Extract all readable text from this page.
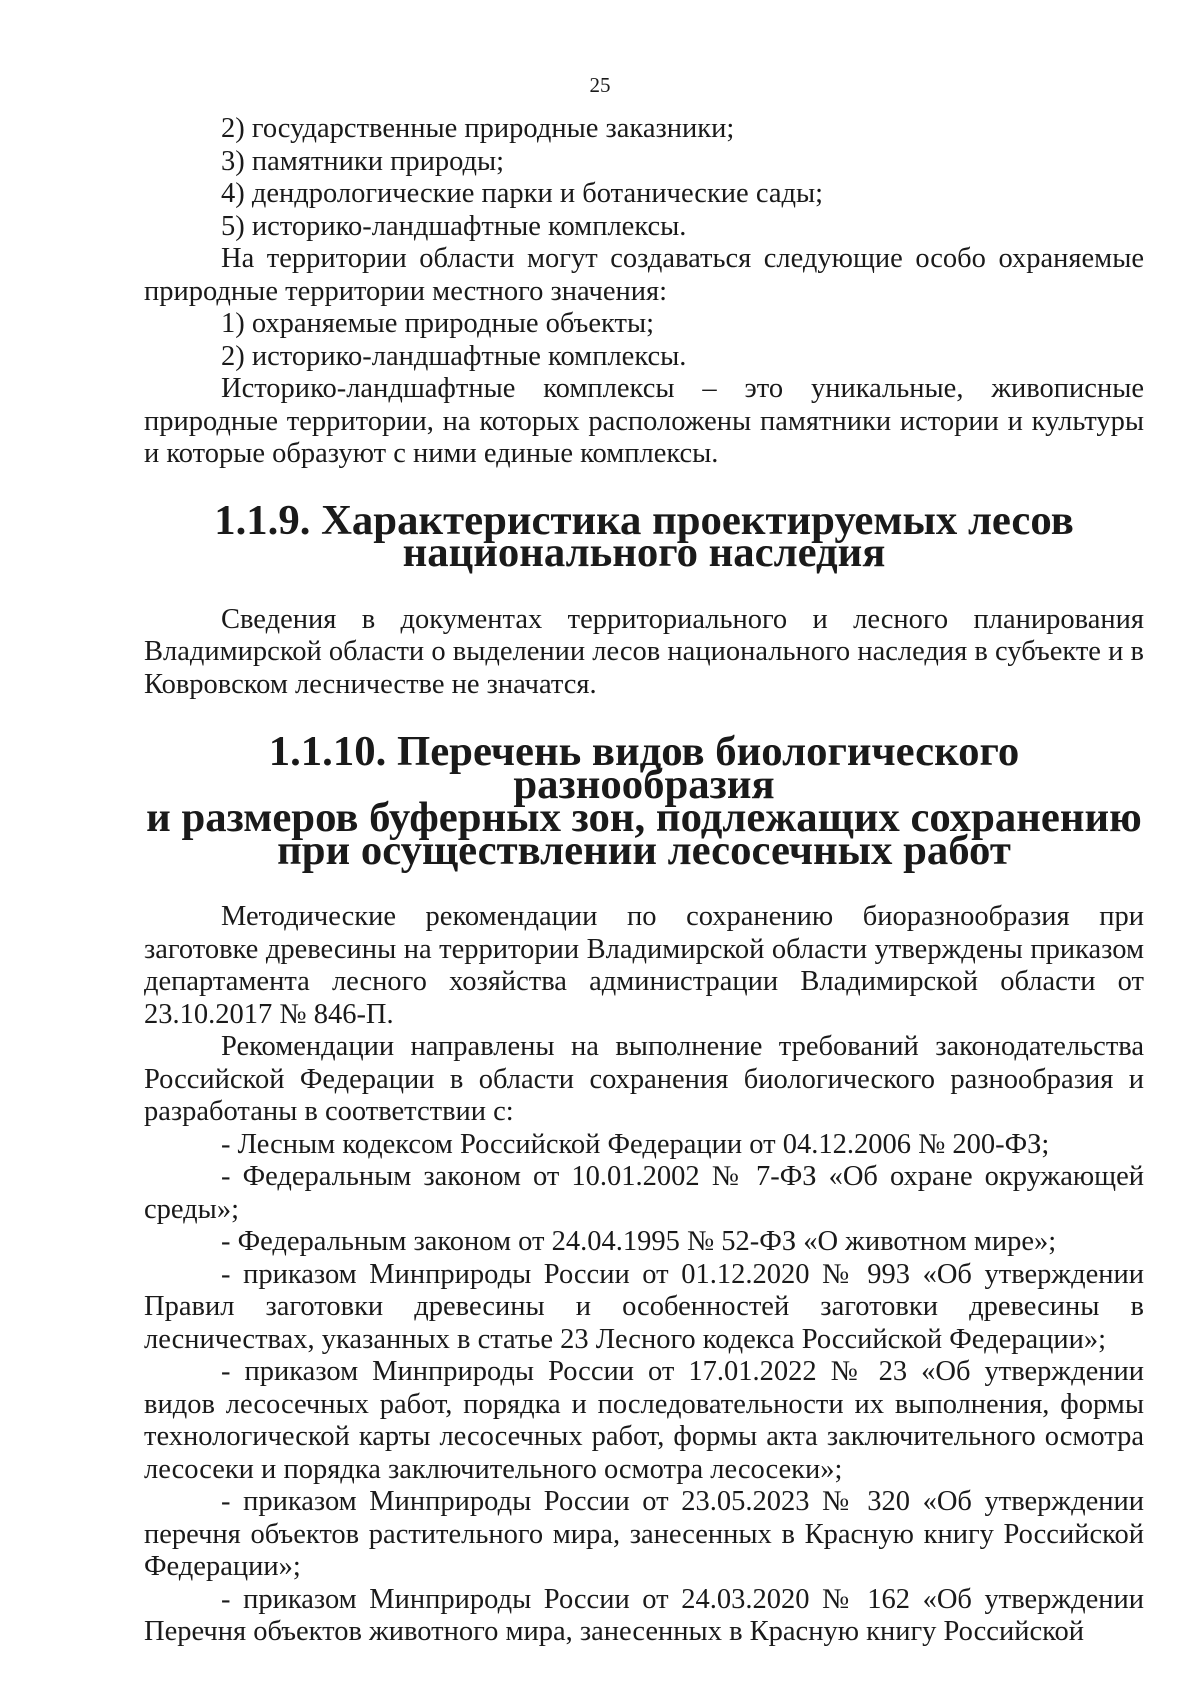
25

2) государственные природные заказники;

3) памятники природы;

4) дендрологические парки и ботанические сады;

5) историко-ландшафтные комплексы.

На территории области могут создаваться следующие особо охраняемые природные территории местного значения:

1) охраняемые природные объекты;

2) историко-ландшафтные комплексы.

Историко-ландшафтные комплексы – это уникальные, живописные природные территории, на которых расположены памятники истории и культуры и которые образуют с ними единые комплексы.

1.1.9. Характеристика проектируемых лесов национального наследия

Сведения в документах территориального и лесного планирования Владимирской области о выделении лесов национального наследия в субъекте и в Ковровском лесничестве не значатся.

1.1.10. Перечень видов биологического разнообразия
и размеров буферных зон, подлежащих сохранению
при осуществлении лесосечных работ

Методические рекомендации по сохранению биоразнообразия при заготовке древесины на территории Владимирской области утверждены приказом департамента лесного хозяйства администрации Владимирской области от 23.10.2017 № 846-П.

Рекомендации направлены на выполнение требований законодательства Российской Федерации в области сохранения биологического разнообразия и разработаны в соответствии с:

- Лесным кодексом Российской Федерации от 04.12.2006 № 200-ФЗ;

- Федеральным законом от 10.01.2002 № 7-ФЗ «Об охране окружающей среды»;

- Федеральным законом от 24.04.1995 № 52-ФЗ «О животном мире»;

- приказом Минприроды России от 01.12.2020 № 993 «Об утверждении Правил заготовки древесины и особенностей заготовки древесины в лесничествах, указанных в статье 23 Лесного кодекса Российской Федерации»;

- приказом Минприроды России от 17.01.2022 № 23 «Об утверждении видов лесосечных работ, порядка и последовательности их выполнения, формы технологической карты лесосечных работ, формы акта заключительного осмотра лесосеки и порядка заключительного осмотра лесосеки»;

- приказом Минприроды России от 23.05.2023 № 320 «Об утверждении перечня объектов растительного мира, занесенных в Красную книгу Российской Федерации»;

- приказом Минприроды России от 24.03.2020 № 162 «Об утверждении Перечня объектов животного мира, занесенных в Красную книгу Российской
